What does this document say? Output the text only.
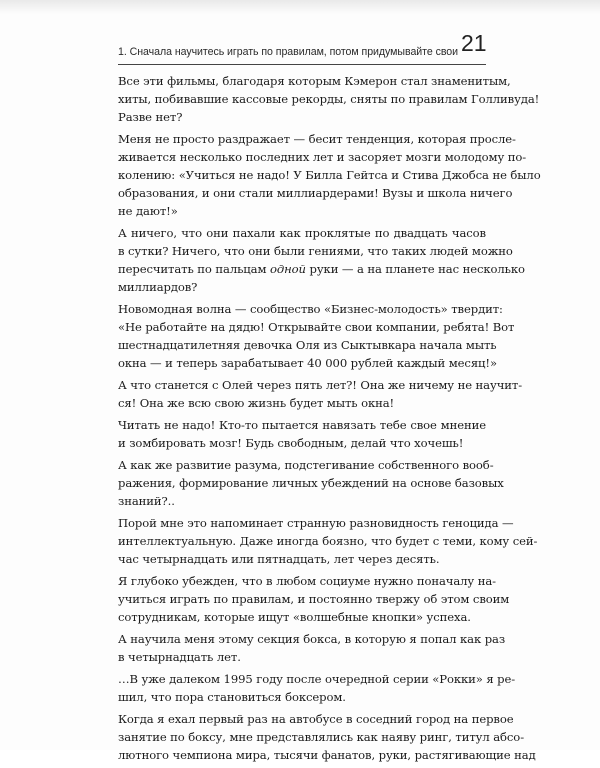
1. Сначала научитесь играть по правилам, потом придумывайте свои 21

Все эти фильмы, благодаря которым Кэмерон стал знаменитым,
хиты, побивавшие кассовые рекорды, сняты по правилам Голливуда!
Разве нет?

Меня не просто раздражает — бесит тенденция, которая просле-
живается несколько последних лет и засоряет мозги молодому по-
колению: «Учиться не надо! У Билла Гейтса и Стива Джобса не было
образования, и они стали миллиардерами! Вузы и школа ничего
не дают!»

А ничего, что они пахали как проклятые по двадцать часов
в сутки? Ничего, что они были гениями, что таких людей можно
пересчитать по пальцам одной руки — а на планете нас несколько
миллиардов?

Новомодная волна — сообщество «Бизнес-молодость» твердит:
«Не работайте на дядю! Открывайте свои компании, ребята! Вот
шестнадцатилетняя девочка Оля из Сыктывкара начала мыть
окна — и теперь зарабатывает 40 000 рублей каждый месяц!»

А что станется с Олей через пять лет?! Она же ничему не научит-
ся! Она же всю свою жизнь будет мыть окна!

Читать не надо! Кто-то пытается навязать тебе свое мнение
и зомбировать мозг! Будь свободным, делай что хочешь!

А как же развитие разума, подстегивание собственного вооб-
ражения, формирование личных убеждений на основе базовых
знаний?..

Порой мне это напоминает странную разновидность геноцида —
интеллектуальную. Даже иногда боязно, что будет с теми, кому сей-
час четырнадцать или пятнадцать, лет через десять.

Я глубоко убежден, что в любом социуме нужно поначалу на-
учиться играть по правилам, и постоянно твержу об этом своим
сотрудникам, которые ищут «волшебные кнопки» успеха.

А научила меня этому секция бокса, в которую я попал как раз
в четырнадцать лет.

…В уже далеком 1995 году после очередной серии «Рокки» я ре-
шил, что пора становиться боксером.

Когда я ехал первый раз на автобусе в соседний город на первое
занятие по боксу, мне представлялись как наяву ринг, титул абсо-
лютного чемпиона мира, тысячи фанатов, руки, растягивающие над
